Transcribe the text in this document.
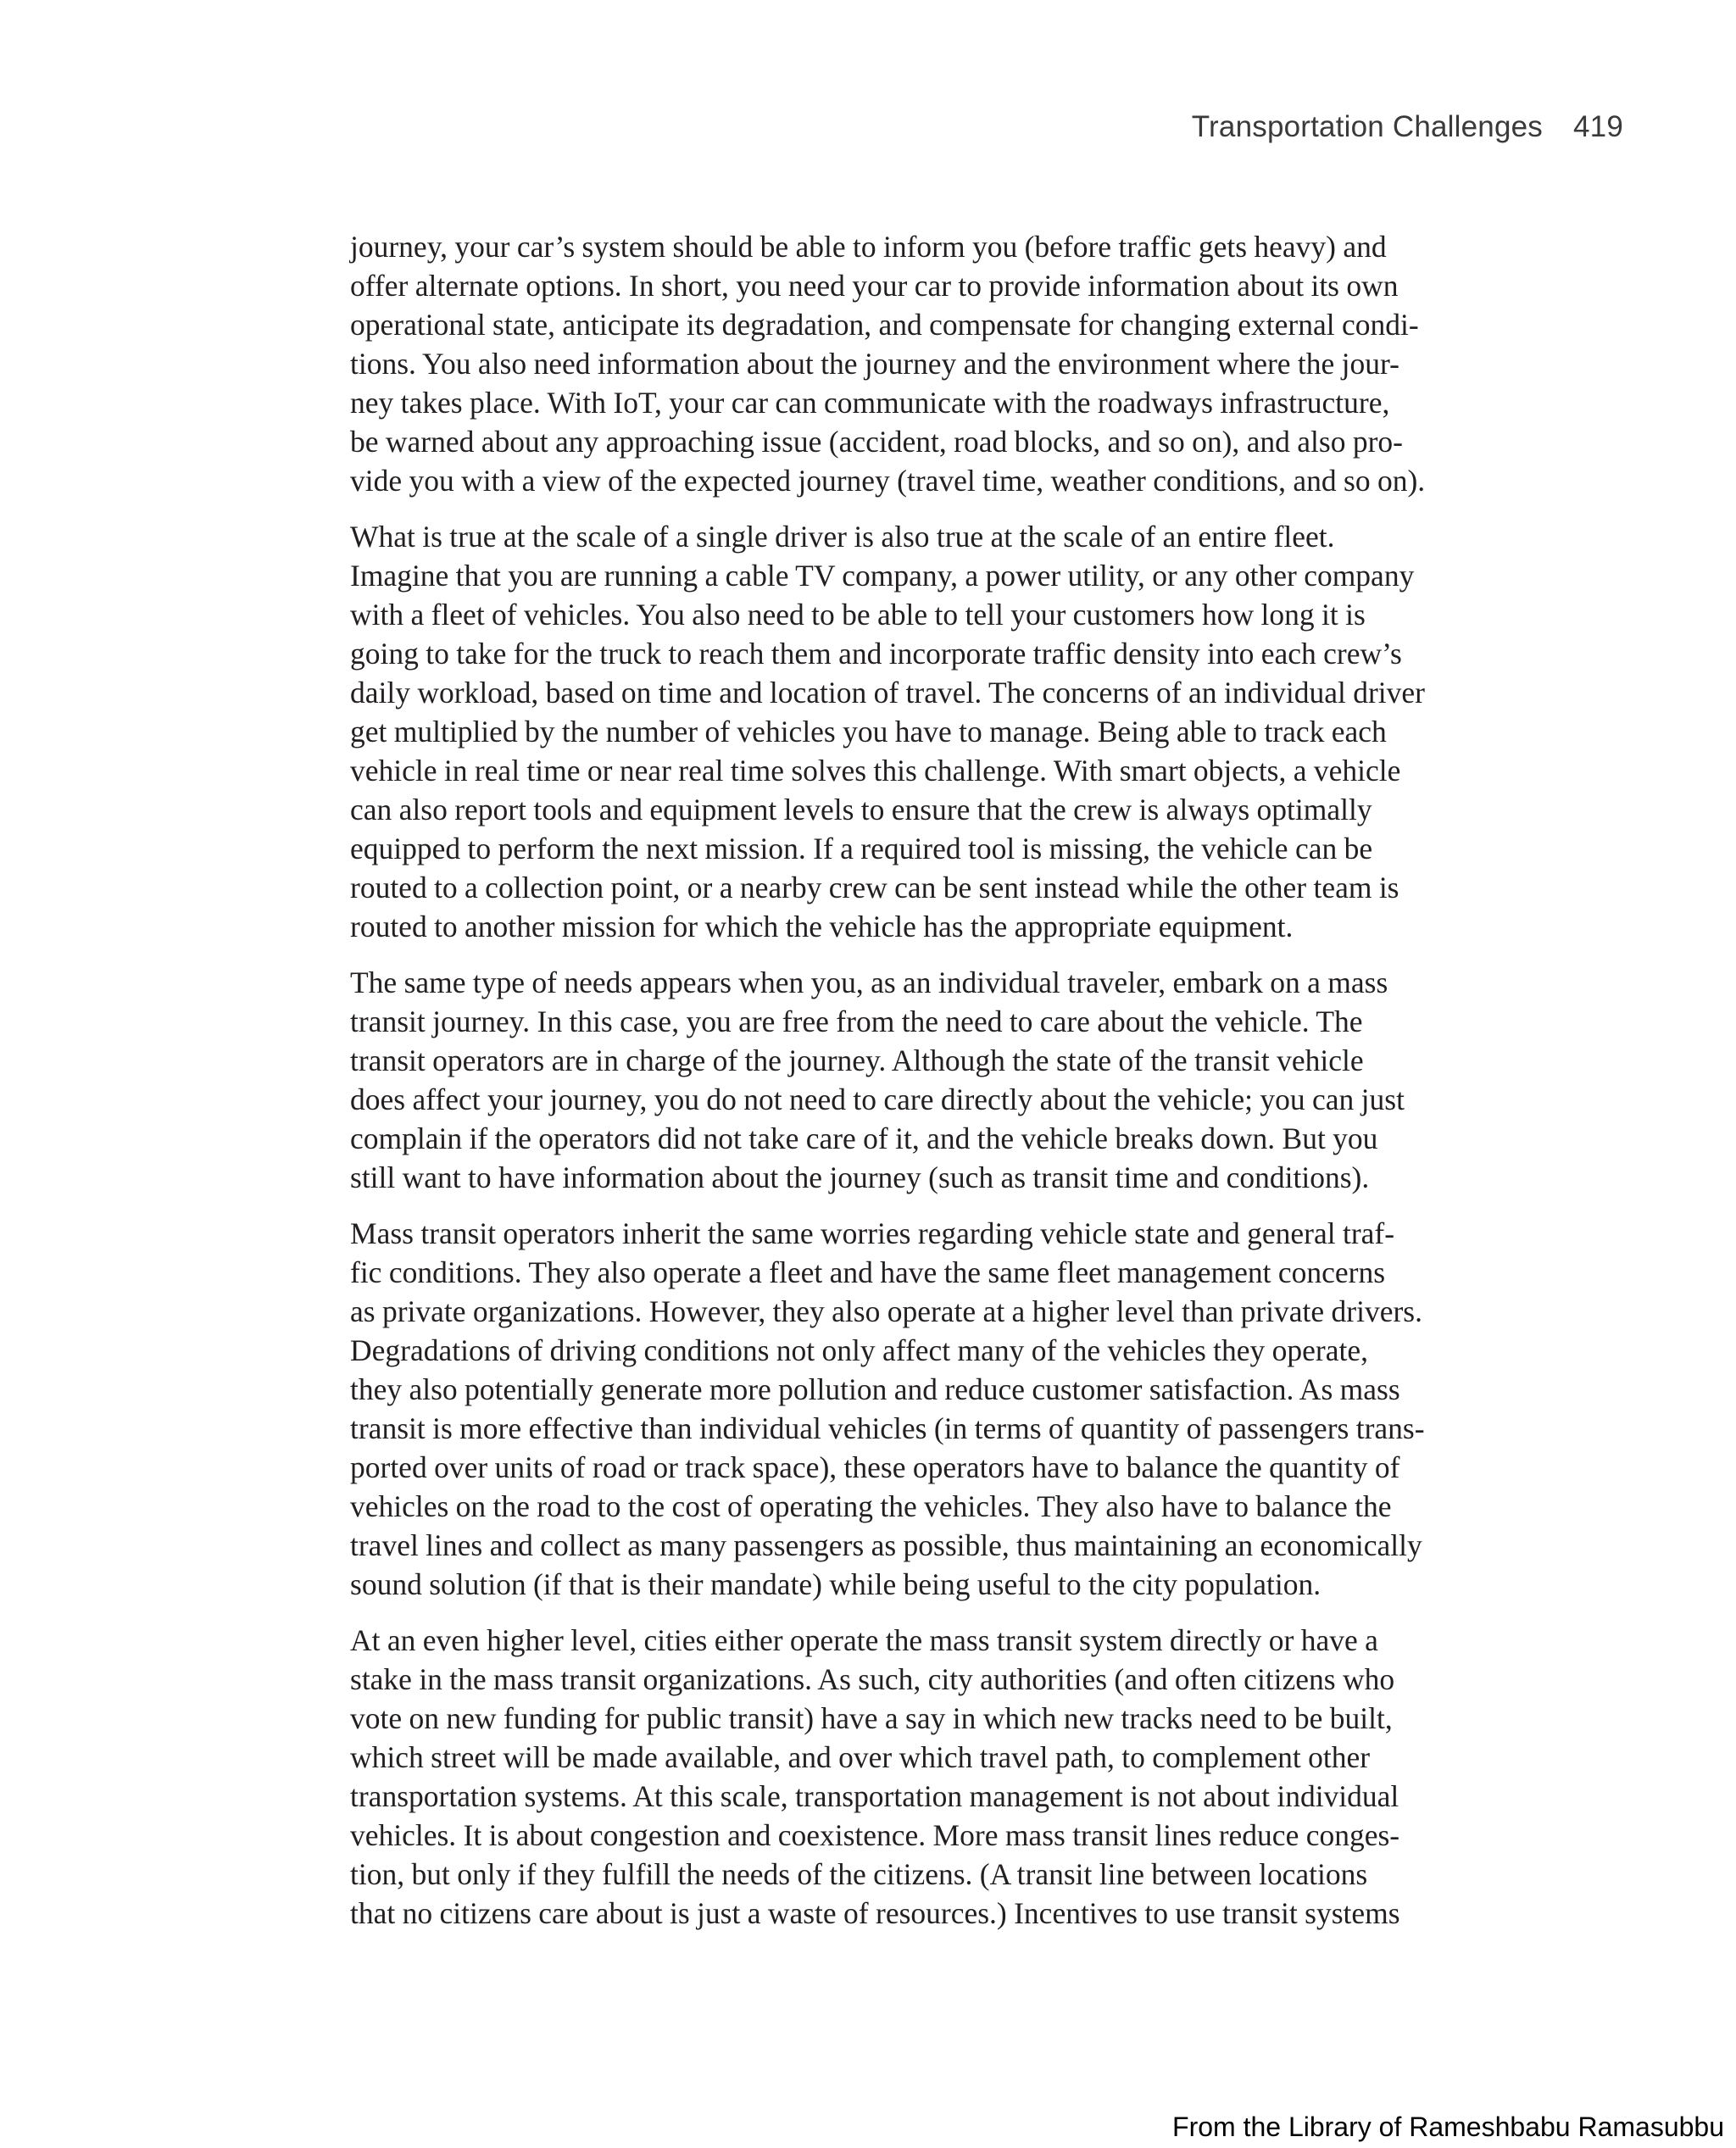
Transportation Challenges 419

journey, your car’s system should be able to inform you (before traffic gets heavy) and
offer alternate options. In short, you need your car to provide information about its own
operational state, anticipate its degradation, and compensate for changing external condi-
tions. You also need information about the journey and the environment where the jour-
ney takes place. With IoT, your car can communicate with the roadways infrastructure,
be warned about any approaching issue (accident, road blocks, and so on), and also pro-
vide you with a view of the expected journey (travel time, weather conditions, and so on).

What is true at the scale of a single driver is also true at the scale of an entire fleet.
Imagine that you are running a cable TV company, a power utility, or any other company
with a fleet of vehicles. You also need to be able to tell your customers how long it is
going to take for the truck to reach them and incorporate traffic density into each crew’s
daily workload, based on time and location of travel. The concerns of an individual driver
get multiplied by the number of vehicles you have to manage. Being able to track each
vehicle in real time or near real time solves this challenge. With smart objects, a vehicle
can also report tools and equipment levels to ensure that the crew is always optimally
equipped to perform the next mission. If a required tool is missing, the vehicle can be
routed to a collection point, or a nearby crew can be sent instead while the other team is
routed to another mission for which the vehicle has the appropriate equipment.

The same type of needs appears when you, as an individual traveler, embark on a mass
transit journey. In this case, you are free from the need to care about the vehicle. The
transit operators are in charge of the journey. Although the state of the transit vehicle
does affect your journey, you do not need to care directly about the vehicle; you can just
complain if the operators did not take care of it, and the vehicle breaks down. But you
still want to have information about the journey (such as transit time and conditions).

Mass transit operators inherit the same worries regarding vehicle state and general traf-
fic conditions. They also operate a fleet and have the same fleet management concerns
as private organizations. However, they also operate at a higher level than private drivers.
Degradations of driving conditions not only affect many of the vehicles they operate,
they also potentially generate more pollution and reduce customer satisfaction. As mass
transit is more effective than individual vehicles (in terms of quantity of passengers trans-
ported over units of road or track space), these operators have to balance the quantity of
vehicles on the road to the cost of operating the vehicles. They also have to balance the
travel lines and collect as many passengers as possible, thus maintaining an economically
sound solution (if that is their mandate) while being useful to the city population.

At an even higher level, cities either operate the mass transit system directly or have a
stake in the mass transit organizations. As such, city authorities (and often citizens who
vote on new funding for public transit) have a say in which new tracks need to be built,
which street will be made available, and over which travel path, to complement other
transportation systems. At this scale, transportation management is not about individual
vehicles. It is about congestion and coexistence. More mass transit lines reduce conges-
tion, but only if they fulfill the needs of the citizens. (A transit line between locations
that no citizens care about is just a waste of resources.) Incentives to use transit systems

From the Library of Rameshbabu Ramasubbu
